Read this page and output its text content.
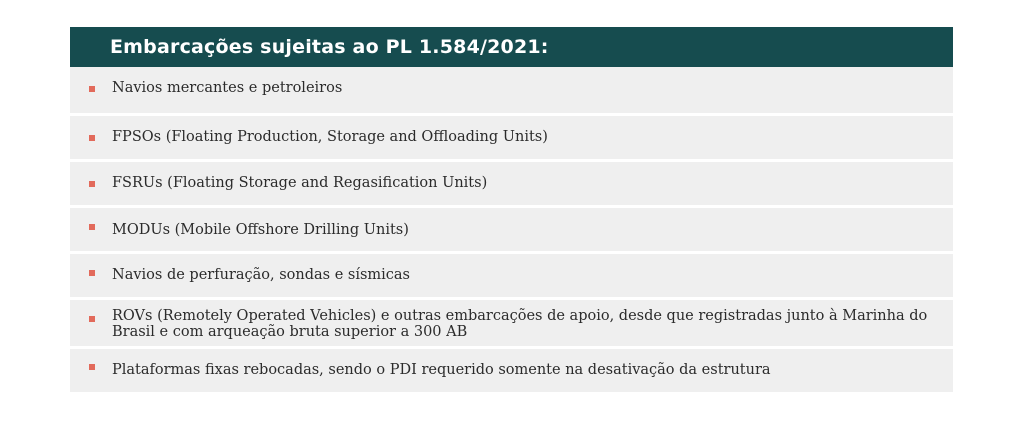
Embarcações sujeitas ao PL 1.584/2021:
Navios mercantes e petroleiros
FPSOs (Floating Production, Storage and Offloading Units)
FSRUs (Floating Storage and Regasification Units)
MODUs (Mobile Offshore Drilling Units)
Navios de perfuração, sondas e sísmicas
ROVs (Remotely Operated Vehicles) e outras embarcações de apoio, desde que registradas junto à Marinha do Brasil e com arqueação bruta superior a 300 AB
Plataformas fixas rebocadas, sendo o PDI requerido somente na desativação da estrutura
